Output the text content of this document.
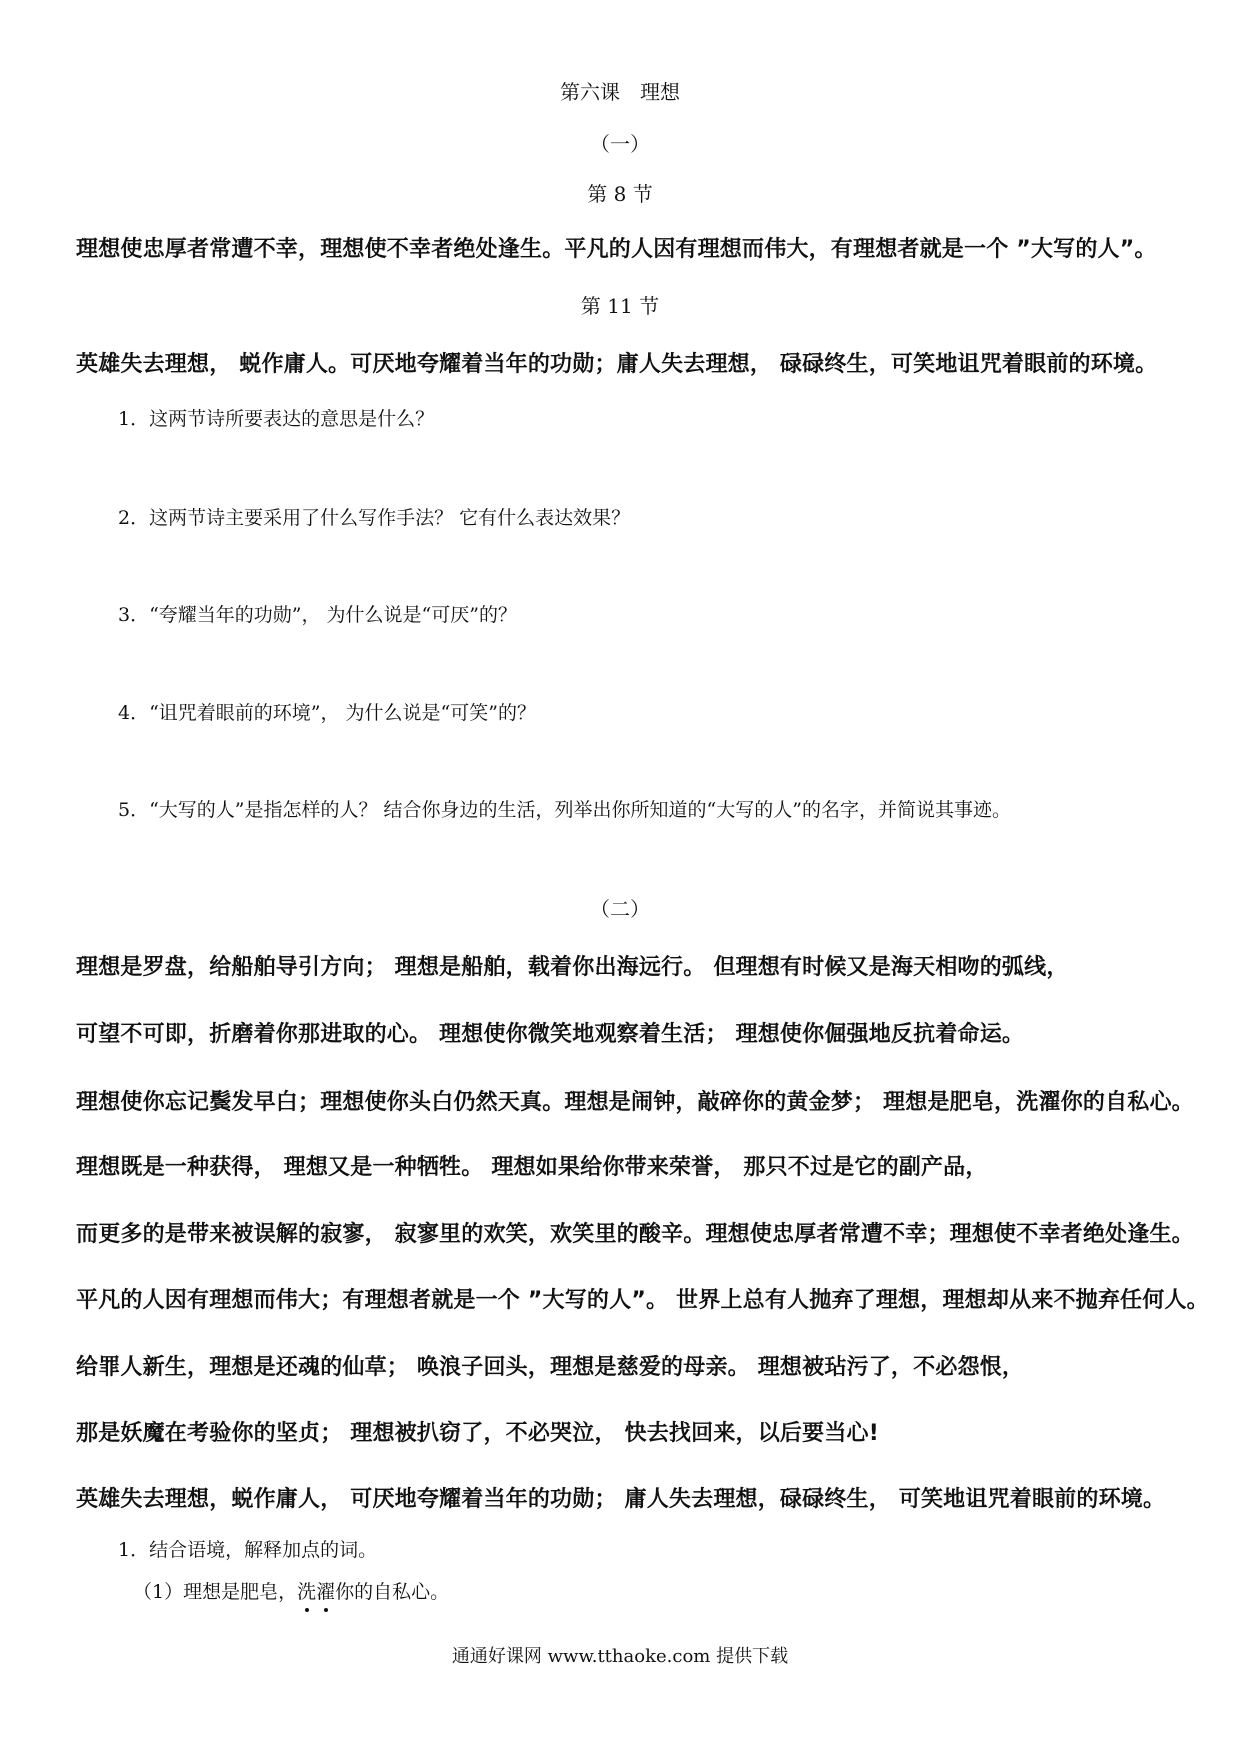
第六课　理想
（一）
第 8 节
理想使忠厚者常遭不幸，理想使不幸者绝处逢生。平凡的人因有理想而伟大，有理想者就是一个 ”大写的人”。
第 11 节
英雄失去理想， 蜕作庸人。可厌地夸耀着当年的功勋；庸人失去理想， 碌碌终生，可笑地诅咒着眼前的环境。
1．这两节诗所要表达的意思是什么？
2．这两节诗主要采用了什么写作手法？ 它有什么表达效果？
3．“夸耀当年的功勋”， 为什么说是“可厌”的？
4．“诅咒着眼前的环境”， 为什么说是“可笑”的？
5．“大写的人”是指怎样的人？ 结合你身边的生活，列举出你所知道的“大写的人”的名字，并简说其事迹。
（二）
理想是罗盘，给船舶导引方向； 理想是船舶，载着你出海远行。 但理想有时候又是海天相吻的弧线，
可望不可即，折磨着你那进取的心。 理想使你微笑地观察着生活； 理想使你倔强地反抗着命运。
理想使你忘记鬓发早白；理想使你头白仍然天真。理想是闹钟，敲碎你的黄金梦； 理想是肥皂，洗濯你的自私心。
理想既是一种获得， 理想又是一种牺牲。 理想如果给你带来荣誉， 那只不过是它的副产品，
而更多的是带来被误解的寂寥， 寂寥里的欢笑，欢笑里的酸辛。理想使忠厚者常遭不幸；理想使不幸者绝处逢生。
平凡的人因有理想而伟大；有理想者就是一个 ”大写的人”。 世界上总有人抛弃了理想，理想却从来不抛弃任何人。
给罪人新生，理想是还魂的仙草； 唤浪子回头，理想是慈爱的母亲。 理想被玷污了，不必怨恨，
那是妖魔在考验你的坚贞； 理想被扒窃了，不必哭泣， 快去找回来，以后要当心!
英雄失去理想，蜕作庸人， 可厌地夸耀着当年的功勋； 庸人失去理想，碌碌终生， 可笑地诅咒着眼前的环境。
1．结合语境，解释加点的词。
（1）理想是肥皂，洗濯你的自私心。
通通好课网 www.tthaoke.com 提供下载
